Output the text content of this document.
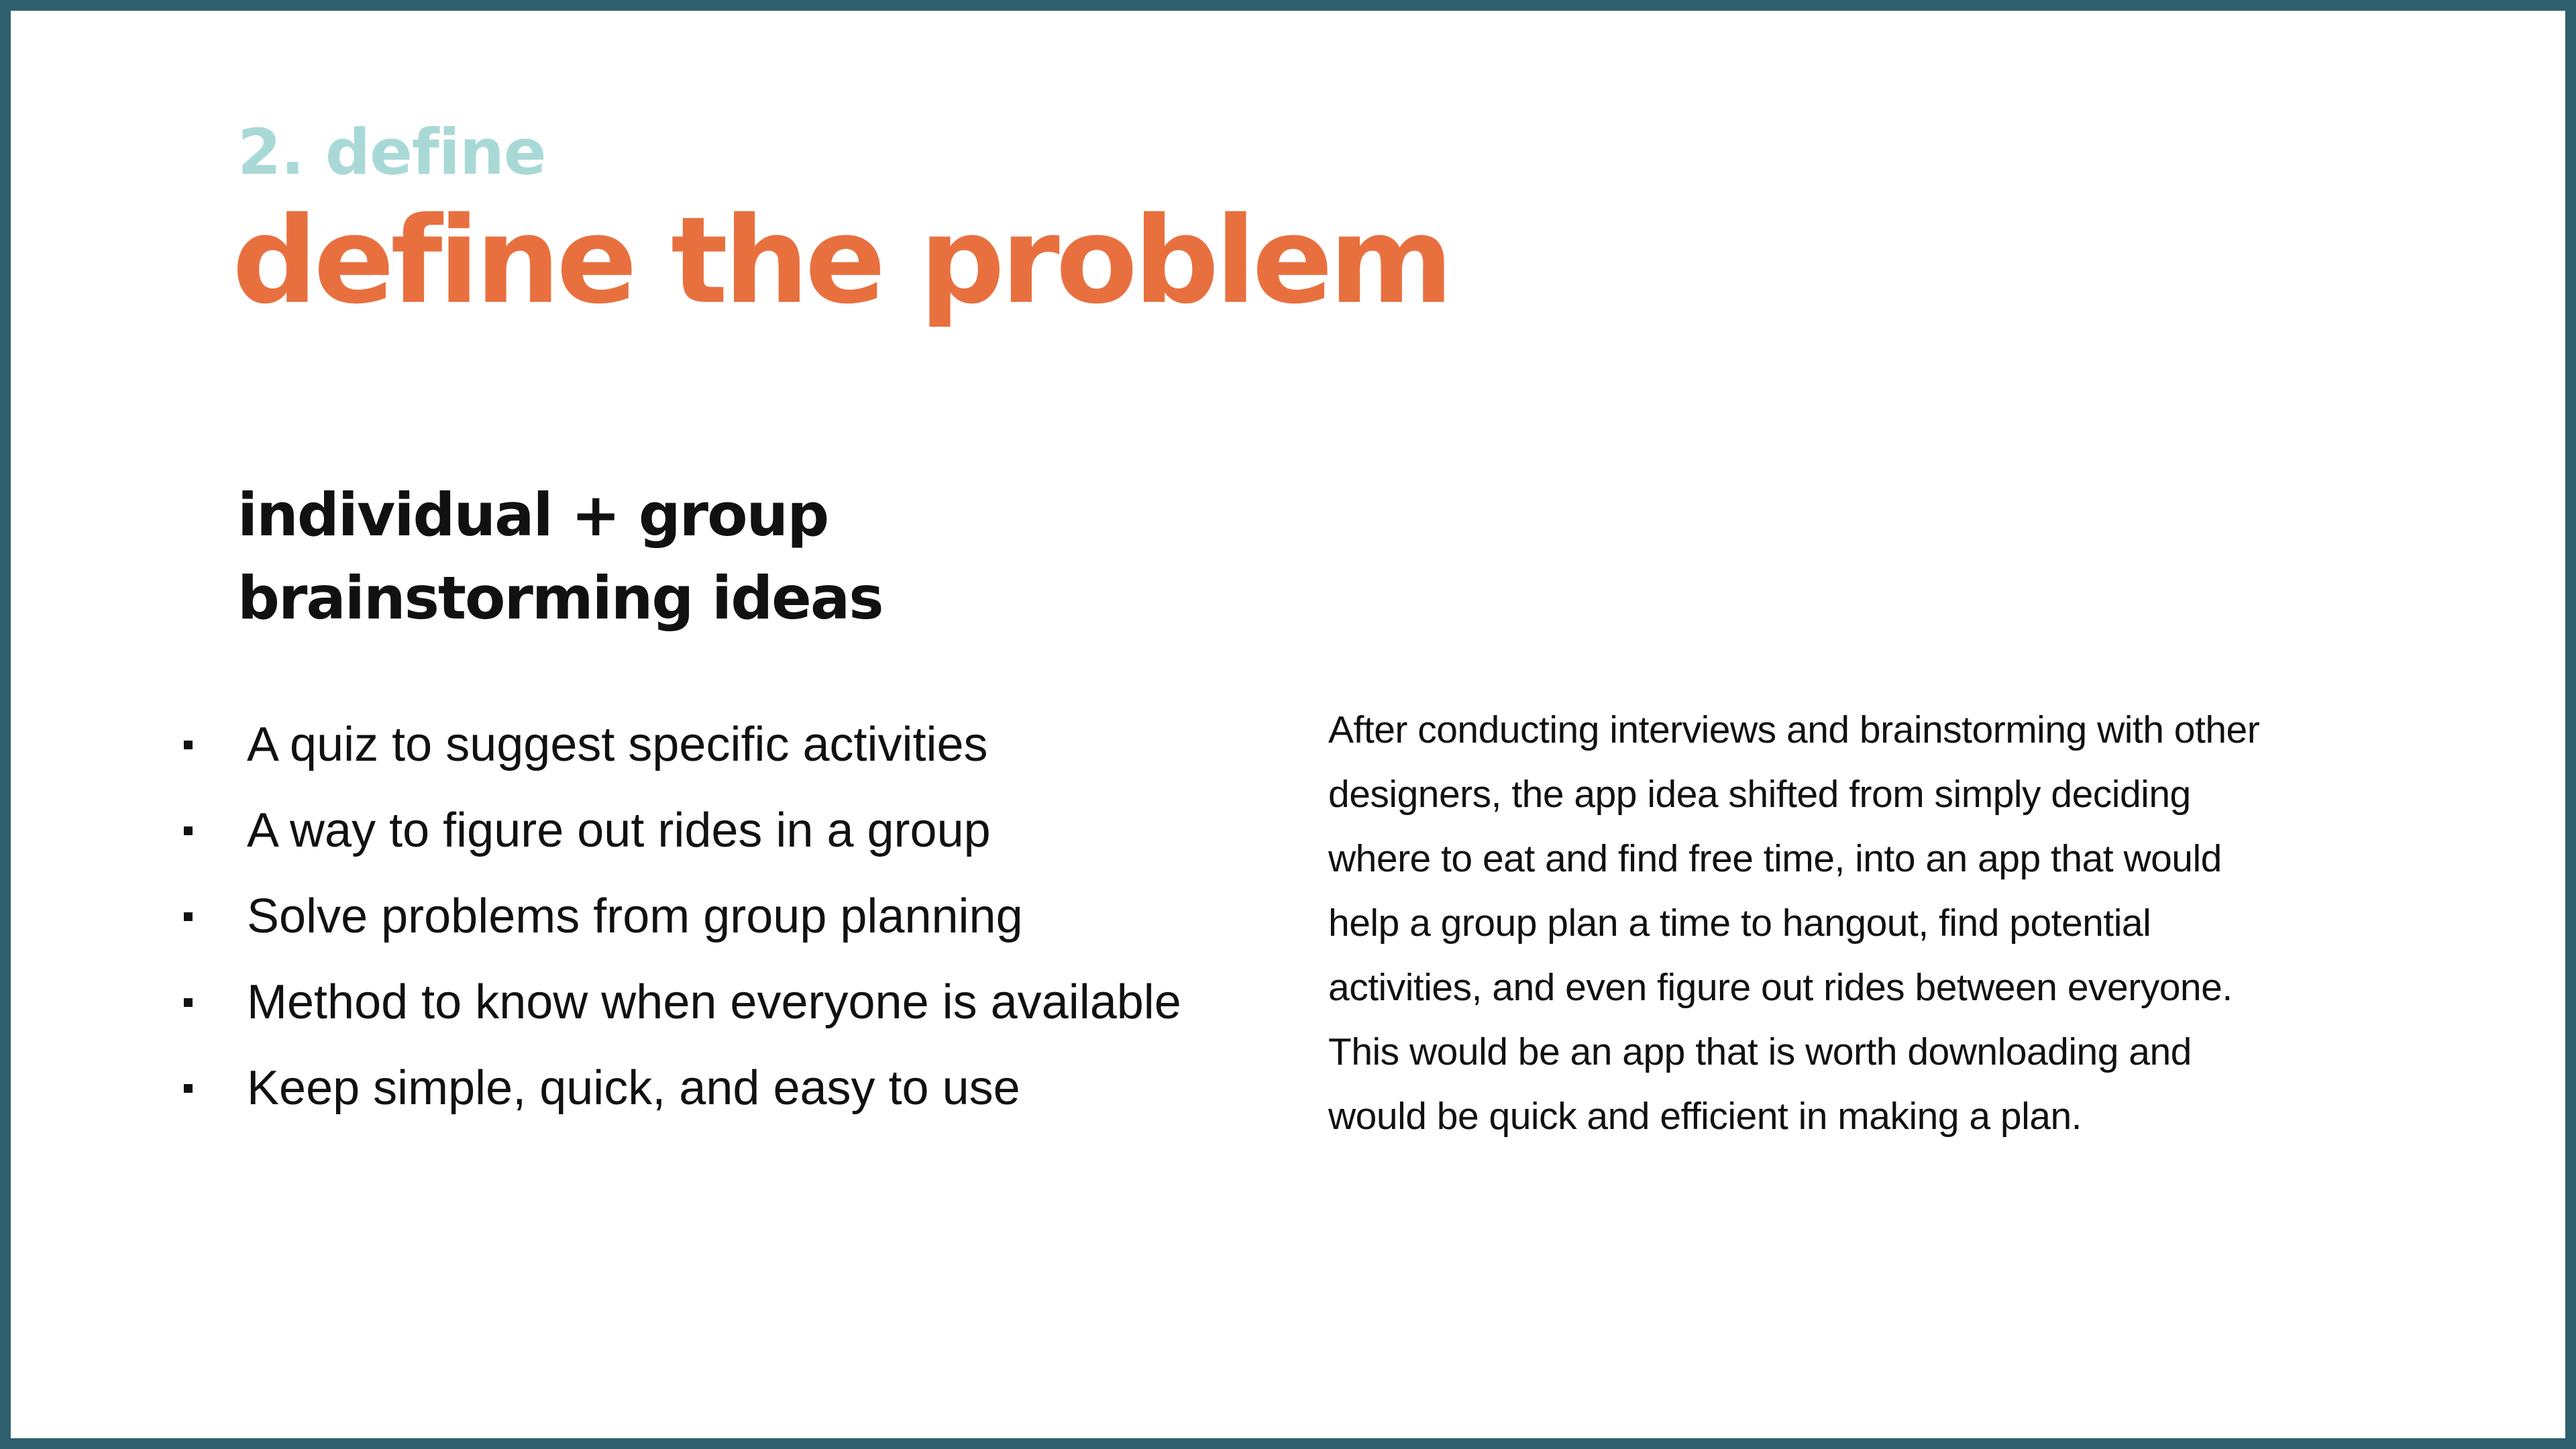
2. define
define the problem
individual + group
brainstorming ideas
A quiz to suggest specific activities
A way to figure out rides in a group
Solve problems from group planning
Method to know when everyone is available
Keep simple, quick, and easy to use
After conducting interviews and brainstorming with other
designers, the app idea shifted from simply deciding
where to eat and find free time, into an app that would
help a group plan a time to hangout, find potential
activities, and even figure out rides between everyone.
This would be an app that is worth downloading and
would be quick and efficient in making a plan.
